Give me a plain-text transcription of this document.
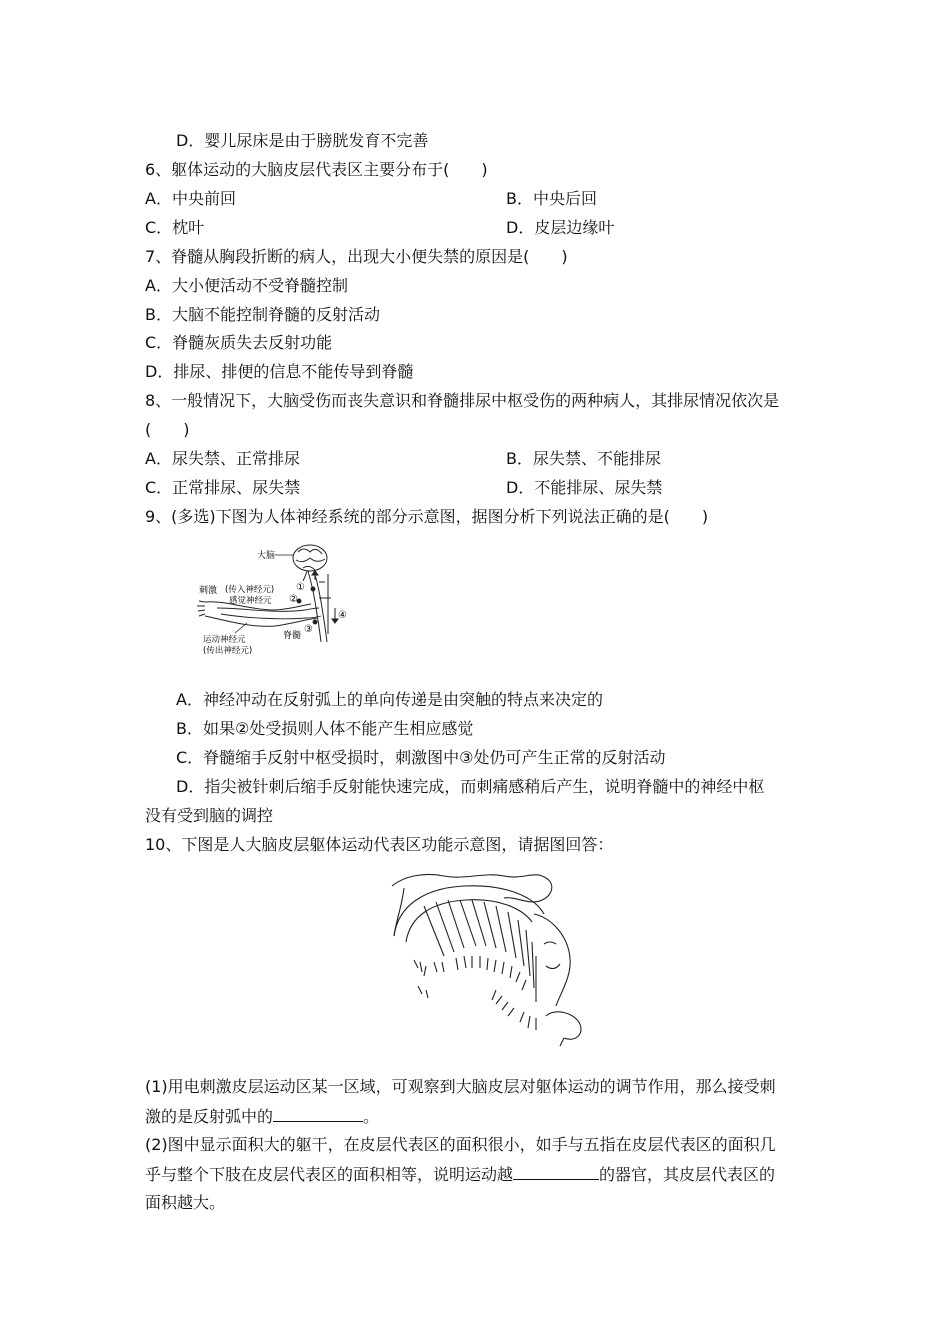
D．婴儿尿床是由于膀胱发育不完善
6、躯体运动的大脑皮层代表区主要分布于(　　)
A．中央前回	B．中央后回
C．枕叶	D．皮层边缘叶
7、脊髓从胸段折断的病人，出现大小便失禁的原因是(　　)
A．大小便活动不受脊髓控制
B．大脑不能控制脊髓的反射活动
C．脊髓灰质失去反射功能
D．排尿、排便的信息不能传导到脊髓
8、一般情况下，大脑受伤而丧失意识和脊髓排尿中枢受伤的两种病人，其排尿情况依次是
(　　)
A．尿失禁、正常排尿	B．尿失禁、不能排尿
C．正常排尿、尿失禁	D．不能排尿、尿失禁
9、(多选)下图为人体神经系统的部分示意图，据图分析下列说法正确的是(　　)
大脑
刺激 (传入神经元)
感觉神经元
运动神经元
(传出神经元)
脊髓
①
②
③
④
A．神经冲动在反射弧上的单向传递是由突触的特点来决定的
B．如果②处受损则人体不能产生相应感觉
C．脊髓缩手反射中枢受损时，刺激图中③处仍可产生正常的反射活动
D．指尖被针刺后缩手反射能快速完成，而刺痛感稍后产生，说明脊髓中的神经中枢
没有受到脑的调控
10、下图是人大脑皮层躯体运动代表区功能示意图，请据图回答：
(1)用电刺激皮层运动区某一区域，可观察到大脑皮层对躯体运动的调节作用，那么接受刺
激的是反射弧中的	。
(2)图中显示面积大的躯干，在皮层代表区的面积很小，如手与五指在皮层代表区的面积几
乎与整个下肢在皮层代表区的面积相等，说明运动越	的器官，其皮层代表区的
面积越大。
